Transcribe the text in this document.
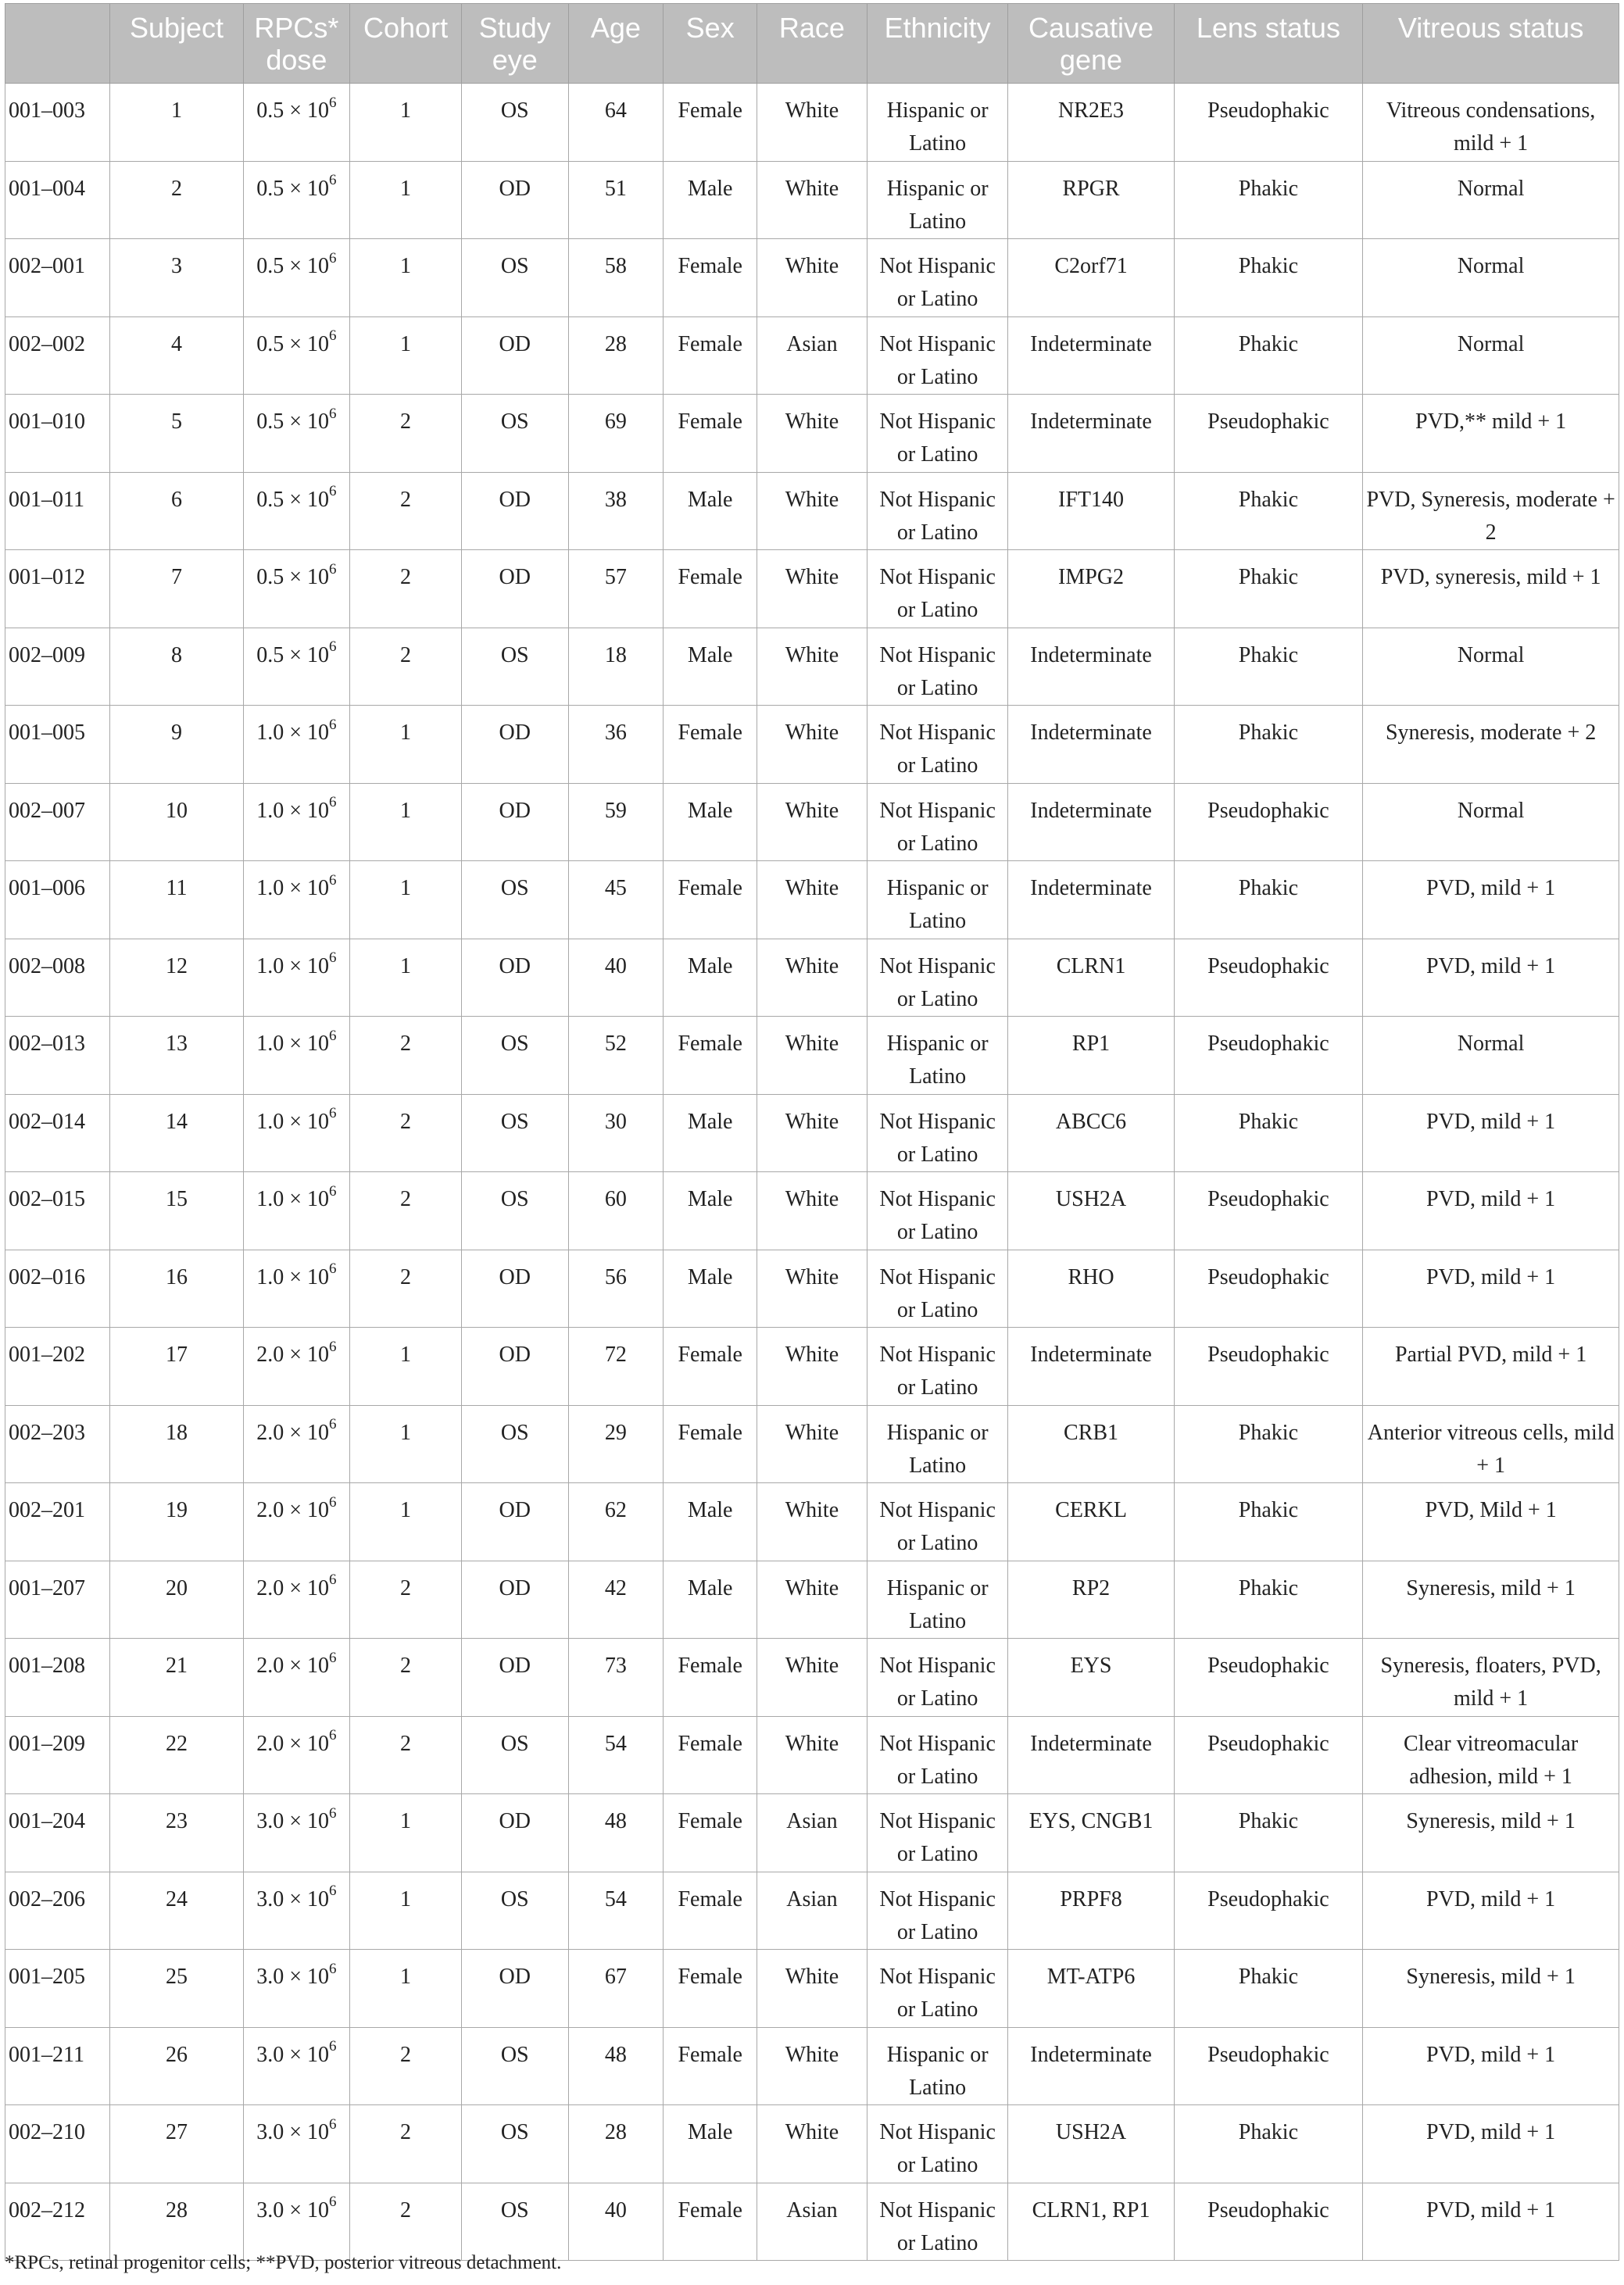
	Subject	RPCs* dose	Cohort	Study eye	Age	Sex	Race	Ethnicity	Causative gene	Lens status	Vitreous status
001–003	1	$0.5 \times 10^6$	1	OS	64	Female	White	Hispanic or Latino	NR2E3	Pseudophakic	Vitreous condensations, mild + 1
001–004	2	$0.5 \times 10^6$	1	OD	51	Male	White	Hispanic or Latino	RPGR	Phakic	Normal
002–001	3	$0.5 \times 10^6$	1	OS	58	Female	White	Not Hispanic or Latino	C2orf71	Phakic	Normal
002–002	4	$0.5 \times 10^6$	1	OD	28	Female	Asian	Not Hispanic or Latino	Indeterminate	Phakic	Normal
001–010	5	$0.5 \times 10^6$	2	OS	69	Female	White	Not Hispanic or Latino	Indeterminate	Pseudophakic	PVD,** mild + 1
001–011	6	$0.5 \times 10^6$	2	OD	38	Male	White	Not Hispanic or Latino	IFT140	Phakic	PVD, Syneresis, moderate + 2
001–012	7	$0.5 \times 10^6$	2	OD	57	Female	White	Not Hispanic or Latino	IMPG2	Phakic	PVD, syneresis, mild + 1
002–009	8	$0.5 \times 10^6$	2	OS	18	Male	White	Not Hispanic or Latino	Indeterminate	Phakic	Normal
001–005	9	$1.0 \times 10^6$	1	OD	36	Female	White	Not Hispanic or Latino	Indeterminate	Phakic	Syneresis, moderate + 2
002–007	10	$1.0 \times 10^6$	1	OD	59	Male	White	Not Hispanic or Latino	Indeterminate	Pseudophakic	Normal
001–006	11	$1.0 \times 10^6$	1	OS	45	Female	White	Hispanic or Latino	Indeterminate	Phakic	PVD, mild + 1
002–008	12	$1.0 \times 10^6$	1	OD	40	Male	White	Not Hispanic or Latino	CLRN1	Pseudophakic	PVD, mild + 1
002–013	13	$1.0 \times 10^6$	2	OS	52	Female	White	Hispanic or Latino	RP1	Pseudophakic	Normal
002–014	14	$1.0 \times 10^6$	2	OS	30	Male	White	Not Hispanic or Latino	ABCC6	Phakic	PVD, mild + 1
002–015	15	$1.0 \times 10^6$	2	OS	60	Male	White	Not Hispanic or Latino	USH2A	Pseudophakic	PVD, mild + 1
002–016	16	$1.0 \times 10^6$	2	OD	56	Male	White	Not Hispanic or Latino	RHO	Pseudophakic	PVD, mild + 1
001–202	17	$2.0 \times 10^6$	1	OD	72	Female	White	Not Hispanic or Latino	Indeterminate	Pseudophakic	Partial PVD, mild + 1
002–203	18	$2.0 \times 10^6$	1	OS	29	Female	White	Hispanic or Latino	CRB1	Phakic	Anterior vitreous cells, mild + 1
002–201	19	$2.0 \times 10^6$	1	OD	62	Male	White	Not Hispanic or Latino	CERKL	Phakic	PVD, Mild + 1
001–207	20	$2.0 \times 10^6$	2	OD	42	Male	White	Hispanic or Latino	RP2	Phakic	Syneresis, mild + 1
001–208	21	$2.0 \times 10^6$	2	OD	73	Female	White	Not Hispanic or Latino	EYS	Pseudophakic	Syneresis, floaters, PVD, mild + 1
001–209	22	$2.0 \times 10^6$	2	OS	54	Female	White	Not Hispanic or Latino	Indeterminate	Pseudophakic	Clear vitreomacular adhesion, mild + 1
001–204	23	$3.0 \times 10^6$	1	OD	48	Female	Asian	Not Hispanic or Latino	EYS, CNGB1	Phakic	Syneresis, mild + 1
002–206	24	$3.0 \times 10^6$	1	OS	54	Female	Asian	Not Hispanic or Latino	PRPF8	Pseudophakic	PVD, mild + 1
001–205	25	$3.0 \times 10^6$	1	OD	67	Female	White	Not Hispanic or Latino	MT-ATP6	Phakic	Syneresis, mild + 1
001–211	26	$3.0 \times 10^6$	2	OS	48	Female	White	Hispanic or Latino	Indeterminate	Pseudophakic	PVD, mild + 1
002–210	27	$3.0 \times 10^6$	2	OS	28	Male	White	Not Hispanic or Latino	USH2A	Phakic	PVD, mild + 1
002–212	28	$3.0 \times 10^6$	2	OS	40	Female	Asian	Not Hispanic or Latino	CLRN1, RP1	Pseudophakic	PVD, mild + 1
*RPCs, retinal progenitor cells; **PVD, posterior vitreous detachment.
